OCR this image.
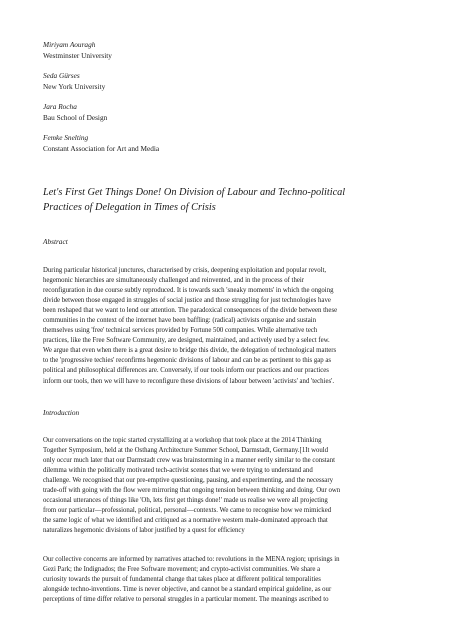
Miriyam Aouragh
Westminster University
Seda Gürses
New York University
Jara Rocha
Bau School of Design
Femke Snelting
Constant Association for Art and Media
Let's First Get Things Done! On Division of Labour and Techno-political
Practices of Delegation in Times of Crisis
Abstract

During particular historical junctures, characterised by crisis, deepening exploitation and popular revolt,
hegemonic hierarchies are simultaneously challenged and reinvented, and in the process of their
reconfiguration in due course subtly reproduced. It is towards such 'sneaky moments' in which the ongoing
divide between those engaged in struggles of social justice and those struggling for just technologies have
been reshaped that we want to lend our attention. The paradoxical consequences of the divide between these
communities in the context of the internet have been baffling: (radical) activists organise and sustain
themselves using 'free' technical services provided by Fortune 500 companies. While alternative tech
practices, like the Free Software Community, are designed, maintained, and actively used by a select few.
We argue that even when there is a great desire to bridge this divide, the delegation of technological matters
to the 'progressive techies' reconfirms hegemonic divisions of labour and can be as pertinent to this gap as
political and philosophical differences are. Conversely, if our tools inform our practices and our practices
inform our tools, then we will have to reconfigure these divisions of labour between 'activists' and 'techies'.

Introduction

Our conversations on the topic started crystallizing at a workshop that took place at the 2014 Thinking
Together Symposium, held at the Osthang Architecture Summer School, Darmstadt, Germany.[1It would
only occur much later that our Darmstadt crew was brainstorming in a manner eerily similar to the constant
dilemma within the politically motivated tech-activist scenes that we were trying to understand and
challenge. We recognised that our pre-emptive questioning, pausing, and experimenting, and the necessary
trade-off with going with the flow were mirroring that ongoing tension between thinking and doing. Our own
occasional utterances of things like 'Oh, lets first get things done!' made us realise we were all projecting
from our particular—professional, political, personal—contexts. We came to recognise how we mimicked
the same logic of what we identified and critiqued as a normative western male-dominated approach that
naturalizes hegemonic divisions of labor justified by a quest for efficiency

Our collective concerns are informed by narratives attached to: revolutions in the MENA region; uprisings in
Gezi Park; the Indignados; the Free Software movement; and crypto-activist communities. We share a
curiosity towards the pursuit of fundamental change that takes place at different political temporalities
alongside techno-inventions. Time is never objective, and cannot be a standard empirical guideline, as our
perceptions of time differ relative to personal struggles in a particular moment. The meanings ascribed to
